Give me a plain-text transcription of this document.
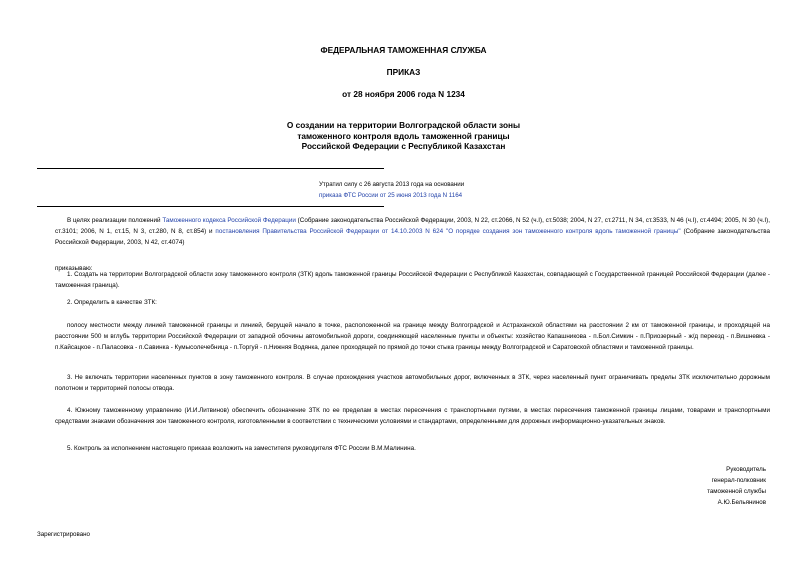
ФЕДЕРАЛЬНАЯ ТАМОЖЕННАЯ СЛУЖБА
ПРИКАЗ
от 28 ноября 2006 года N 1234
О создании на территории Волгоградской области зоны
таможенного контроля вдоль таможенной границы
Российской Федерации с Республикой Казахстан
Утратил силу с 26 августа 2013 года на основании
приказа ФТС России от 25 июня 2013 года N 1164
В целях реализации положений Таможенного кодекса Российской Федерации (Собрание законодательства Российской Федерации, 2003, N 22, ст.2066, N 52 (ч.I), ст.5038; 2004, N 27, ст.2711, N 34, ст.3533, N 46 (ч.I), ст.4494; 2005, N 30 (ч.I), ст.3101; 2006, N 1, ст.15, N 3, ст.280, N 8, ст.854) и постановления Правительства Российской Федерации от 14.10.2003 N 624 "О порядке создания зон таможенного контроля вдоль таможенной границы" (Собрание законодательства Российской Федерации, 2003, N 42, ст.4074)
приказываю:
1. Создать на территории Волгоградской области зону таможенного контроля (ЗТК) вдоль таможенной границы Российской Федерации с Республикой Казахстан, совпадающей с Государственной границей Российской Федерации (далее - таможенная граница).
2. Определить в качестве ЗТК:
полосу местности между линией таможенной границы и линией, берущей начало в точке, расположенной на границе между Волгоградской и Астраханской областями на расстоянии 2 км от таможенной границы, и проходящей на расстоянии 500 м вглубь территории Российской Федерации от западной обочины автомобильной дороги, соединяющей населенные пункты и объекты: хозяйство Капашникова - п.Бол.Симкин - п.Приозерный - ж/д переезд - п.Вишневка - п.Кайсацкое - п.Паласовка - п.Савинка - Кумысолечебница - п.Торгуй - п.Нижняя Водянка, далее проходящей по прямой до точки стыка границы между Волгоградской и Саратовской областями и таможенной границы.
3. Не включать территории населенных пунктов в зону таможенного контроля. В случае прохождения участков автомобильных дорог, включенных в ЗТК, через населенный пункт ограничивать пределы ЗТК исключительно дорожным полотном и территорией полосы отвода.
4. Южному таможенному управлению (И.И.Литвинов) обеспечить обозначение ЗТК по ее пределам в местах пересечения с транспортными путями, в местах пересечения таможенной границы лицами, товарами и транспортными средствами знаками обозначения зон таможенного контроля, изготовленными в соответствии с техническими условиями и стандартами, определенными для дорожных информационно-указательных знаков.
5. Контроль за исполнением настоящего приказа возложить на заместителя руководителя ФТС России В.М.Малинина.
Руководитель
генерал-полковник
таможенной службы
А.Ю.Бельянинов
Зарегистрировано
